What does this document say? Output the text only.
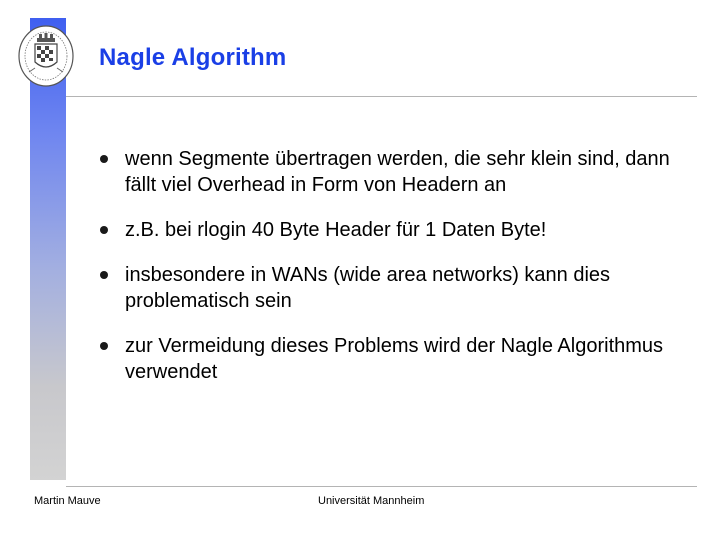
Nagle Algorithm
wenn Segmente übertragen werden, die sehr klein sind, dann fällt viel Overhead in Form von Headern an
z.B. bei rlogin 40 Byte Header für 1 Daten Byte!
insbesondere in WANs (wide area networks) kann dies problematisch sein
zur Vermeidung dieses Problems wird der Nagle Algorithmus verwendet
Martin Mauve	Universität Mannheim
